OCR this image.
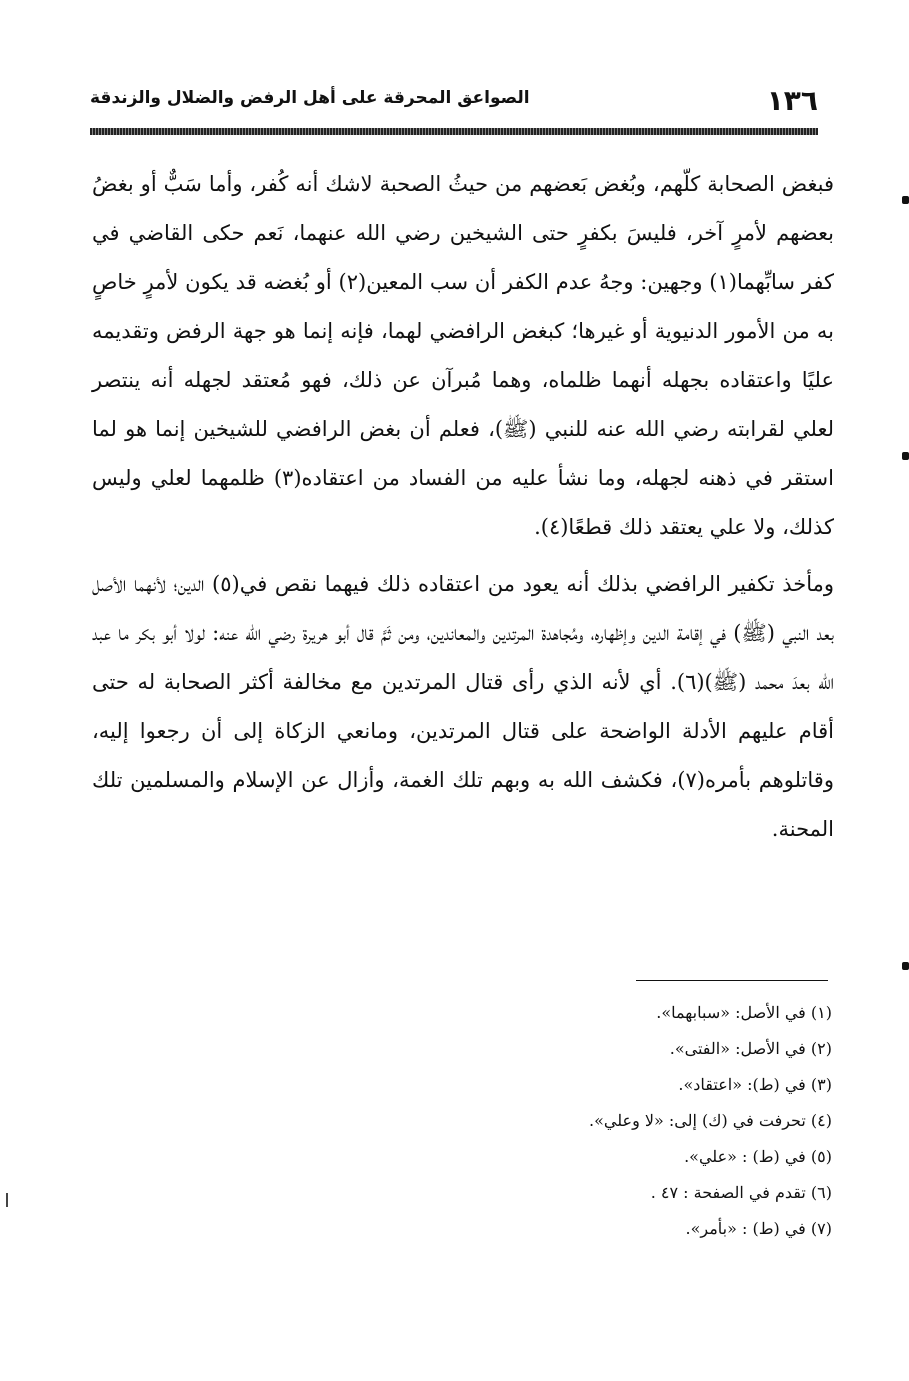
١٣٦
الصواعق المحرقة على أهل الرفض والضلال والزندقة

فبغض الصحابة كلّهم، وبُغض بَعضهم من حيثُ الصحبة لاشك أنه كُفر، وأما سَبٌّ أو بغضُ بعضهم لأمرٍ آخر، فليسَ بكفرٍ حتى الشيخين رضي الله عنهما، نَعم حكى القاضي في كفر سابِّهما(١) وجهين: وجهُ عدم الكفر أن سب المعين(٢) أو بُغضه قد يكون لأمرٍ خاصٍ به من الأمور الدنيوية أو غيرها؛ كبغض الرافضي لهما، فإنه إنما هو جهة الرفض وتقديمه عليًا واعتقاده بجهله أنهما ظلماه، وهما مُبرآن عن ذلك، فهو مُعتقد لجهله أنه ينتصر لعلي لقرابته رضي الله عنه للنبي (ﷺ)، فعلم أن بغض الرافضي للشيخين إنما هو لما استقر في ذهنه لجهله، وما نشأ عليه من الفساد من اعتقاده(٣) ظلمهما لعلي وليس كذلك، ولا علي يعتقد ذلك قطعًا(٤).

ومأخذ تكفير الرافضي بذلك أنه يعود من اعتقاده ذلك فيهما نقص في(٥) الدين؛ لأنهما الأصل بعد النبي (ﷺ) في إقامة الدين وإظهاره، ومُجاهدة المرتدين والمعاندين، ومن ثَمَّ قال أبو هريرة رضي الله عنه: لولا أبو بكر ما عبد الله بعدَ محمد (ﷺ)(٦). أي لأنه الذي رأى قتال المرتدين مع مخالفة أكثر الصحابة له حتى أقام عليهم الأدلة الواضحة على قتال المرتدين، ومانعي الزكاة إلى أن رجعوا إليه، وقاتلوهم بأمره(٧)، فكشف الله به وبهم تلك الغمة، وأزال عن الإسلام والمسلمين تلك المحنة.

(١) في الأصل: «سبابهما».
(٢) في الأصل: «الفتى».
(٣) في (ط): «اعتقاد».
(٤) تحرفت في (ك) إلى: «لا وعلي».
(٥) في (ط) : «علي».
(٦) تقدم في الصفحة : ٤٧ .
(٧) في (ط) : «بأمر».
